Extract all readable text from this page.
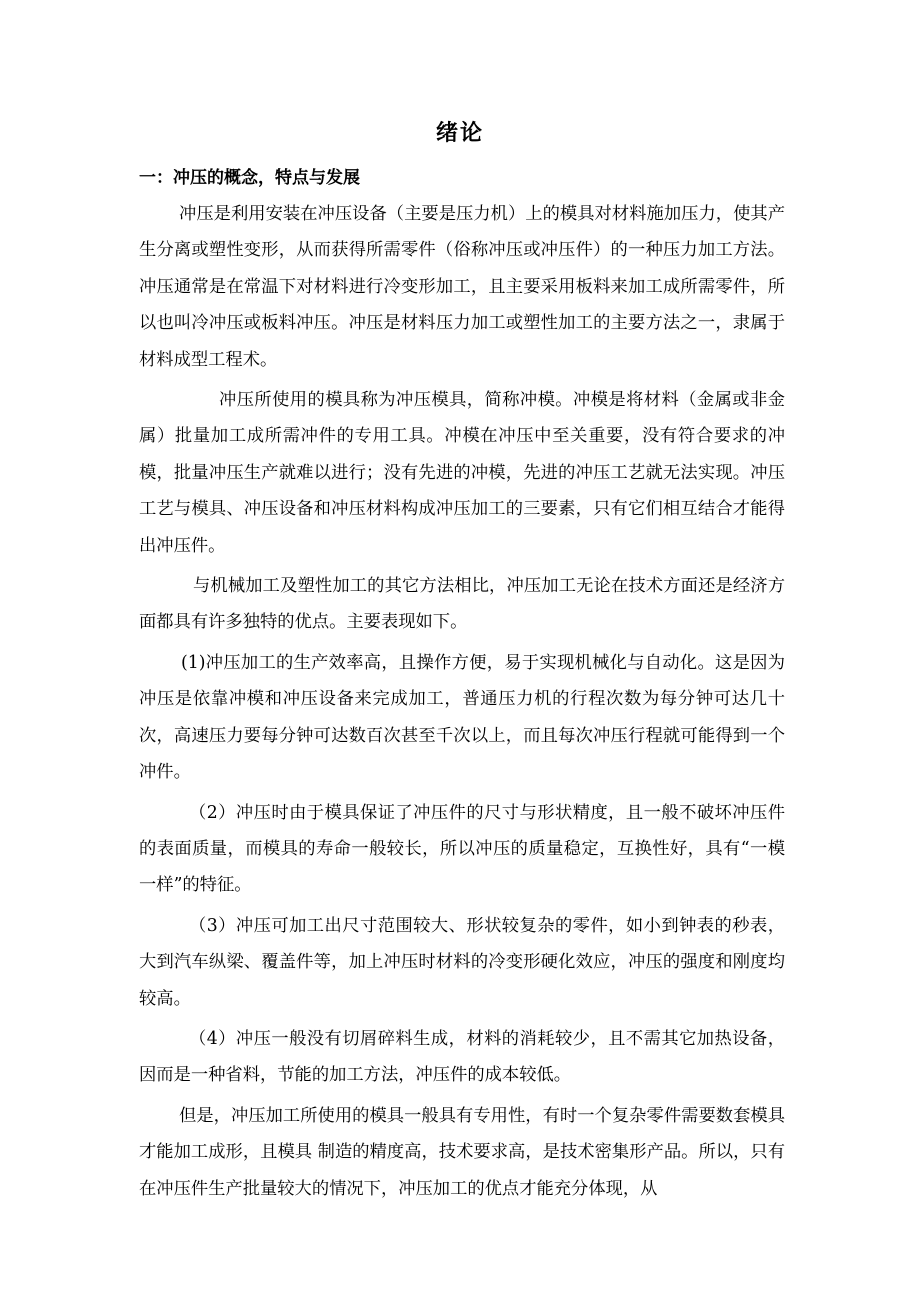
绪论
一：冲压的概念，特点与发展

冲压是利用安装在冲压设备（主要是压力机）上的模具对材料施加压力，使其产生分离或塑性变形，从而获得所需零件（俗称冲压或冲压件）的一种压力加工方法。冲压通常是在常温下对材料进行冷变形加工，且主要采用板料来加工成所需零件，所以也叫冷冲压或板料冲压。冲压是材料压力加工或塑性加工的主要方法之一，隶属于材料成型工程术。

冲压所使用的模具称为冲压模具，简称冲模。冲模是将材料（金属或非金属）批量加工成所需冲件的专用工具。冲模在冲压中至关重要，没有符合要求的冲模，批量冲压生产就难以进行；没有先进的冲模，先进的冲压工艺就无法实现。冲压工艺与模具、冲压设备和冲压材料构成冲压加工的三要素，只有它们相互结合才能得出冲压件。

与机械加工及塑性加工的其它方法相比，冲压加工无论在技术方面还是经济方面都具有许多独特的优点。主要表现如下。

(1)冲压加工的生产效率高，且操作方便，易于实现机械化与自动化。这是因为冲压是依靠冲模和冲压设备来完成加工，普通压力机的行程次数为每分钟可达几十次，高速压力要每分钟可达数百次甚至千次以上，而且每次冲压行程就可能得到一个冲件。

（2）冲压时由于模具保证了冲压件的尺寸与形状精度，且一般不破坏冲压件的表面质量，而模具的寿命一般较长，所以冲压的质量稳定，互换性好，具有“一模一样”的特征。

（3）冲压可加工出尺寸范围较大、形状较复杂的零件，如小到钟表的秒表，大到汽车纵梁、覆盖件等，加上冲压时材料的冷变形硬化效应，冲压的强度和刚度均较高。

（4）冲压一般没有切屑碎料生成，材料的消耗较少，且不需其它加热设备，因而是一种省料，节能的加工方法，冲压件的成本较低。

但是，冲压加工所使用的模具一般具有专用性，有时一个复杂零件需要数套模具才能加工成形，且模具 制造的精度高，技术要求高，是技术密集形产品。所以，只有在冲压件生产批量较大的情况下，冲压加工的优点才能充分体现，从
